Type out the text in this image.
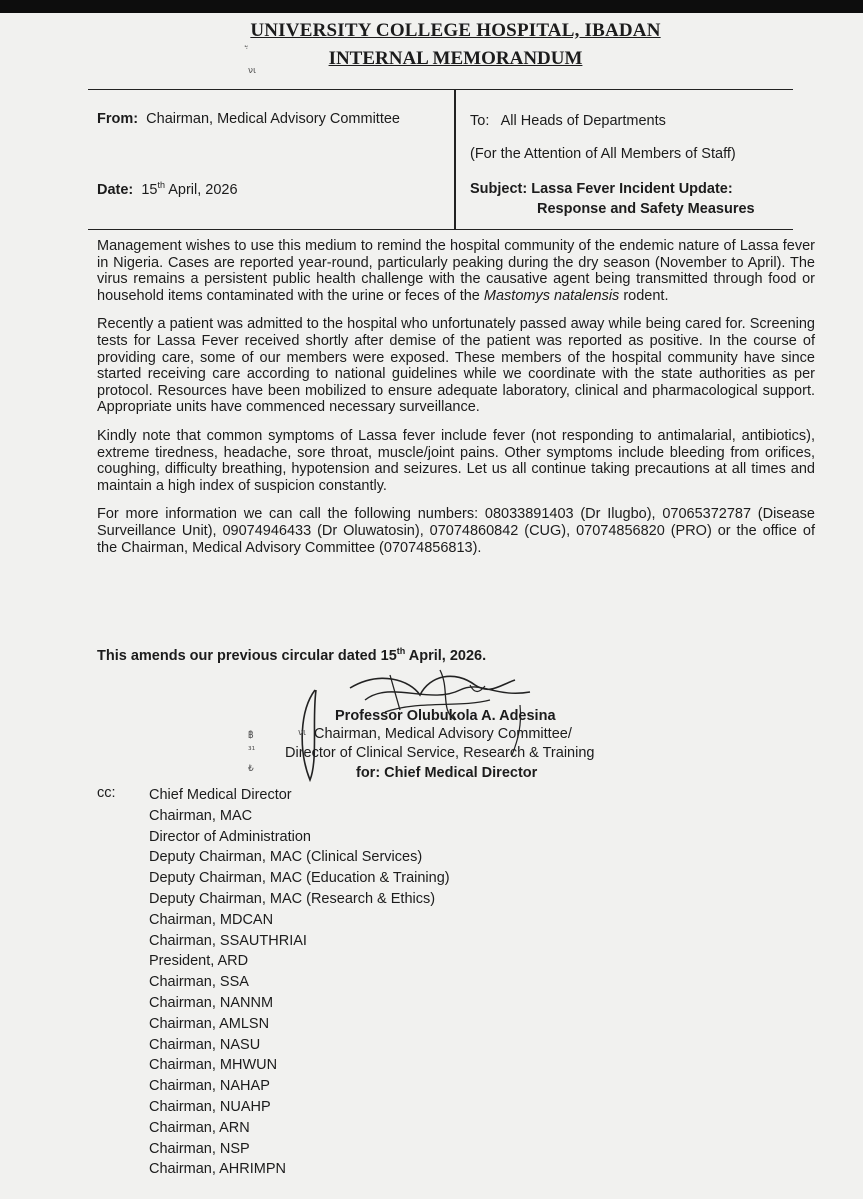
UNIVERSITY COLLEGE HOSPITAL, IBADAN
INTERNAL MEMORANDUM
νι
From: Chairman, Medical Advisory Committee	To: All Heads of Departments
(For the Attention of All Members of Staff)
Date: 15th April, 2026	Subject: Lassa Fever Incident Update:
Response and Safety Measures

Management wishes to use this medium to remind the hospital community of the endemic nature of Lassa fever in Nigeria. Cases are reported year-round, particularly peaking during the dry season (November to April). The virus remains a persistent public health challenge with the causative agent being transmitted through food or household items contaminated with the urine or feces of the Mastomys natalensis rodent.

Recently a patient was admitted to the hospital who unfortunately passed away while being cared for. Screening tests for Lassa Fever received shortly after demise of the patient was reported as positive. In the course of providing care, some of our members were exposed. These members of the hospital community have since started receiving care according to national guidelines while we coordinate with the state authorities as per protocol. Resources have been mobilized to ensure adequate laboratory, clinical and pharmacological support. Appropriate units have commenced necessary surveillance.

Kindly note that common symptoms of Lassa fever include fever (not responding to antimalarial, antibiotics), extreme tiredness, headache, sore throat, muscle/joint pains. Other symptoms include bleeding from orifices, coughing, difficulty breathing, hypotension and seizures. Let us all continue taking precautions at all times and maintain a high index of suspicion constantly.

For more information we can call the following numbers: 08033891403 (Dr Ilugbo), 07065372787 (Disease Surveillance Unit), 09074946433 (Dr Oluwatosin), 07074860842 (CUG), 07074856820 (PRO) or the office of the Chairman, Medical Advisory Committee (07074856813).

This amends our previous circular dated 15th April, 2026.
Professor Olubukola A. Adesina
฿ิ	νι
³¹
₺
Chairman, Medical Advisory Committee/
Director of Clinical Service, Research & Training
for: Chief Medical Director
cc: Chief Medical Director
Chairman, MAC
Director of Administration
Deputy Chairman, MAC (Clinical Services)
Deputy Chairman, MAC (Education & Training)
Deputy Chairman, MAC (Research & Ethics)
Chairman, MDCAN
Chairman, SSAUTHRIAI
President, ARD
Chairman, SSA
Chairman, NANNM
Chairman, AMLSN
Chairman, NASU
Chairman, MHWUN
Chairman, NAHAP
Chairman, NUAHP
Chairman, ARN
Chairman, NSP
Chairman, AHRIMPN
